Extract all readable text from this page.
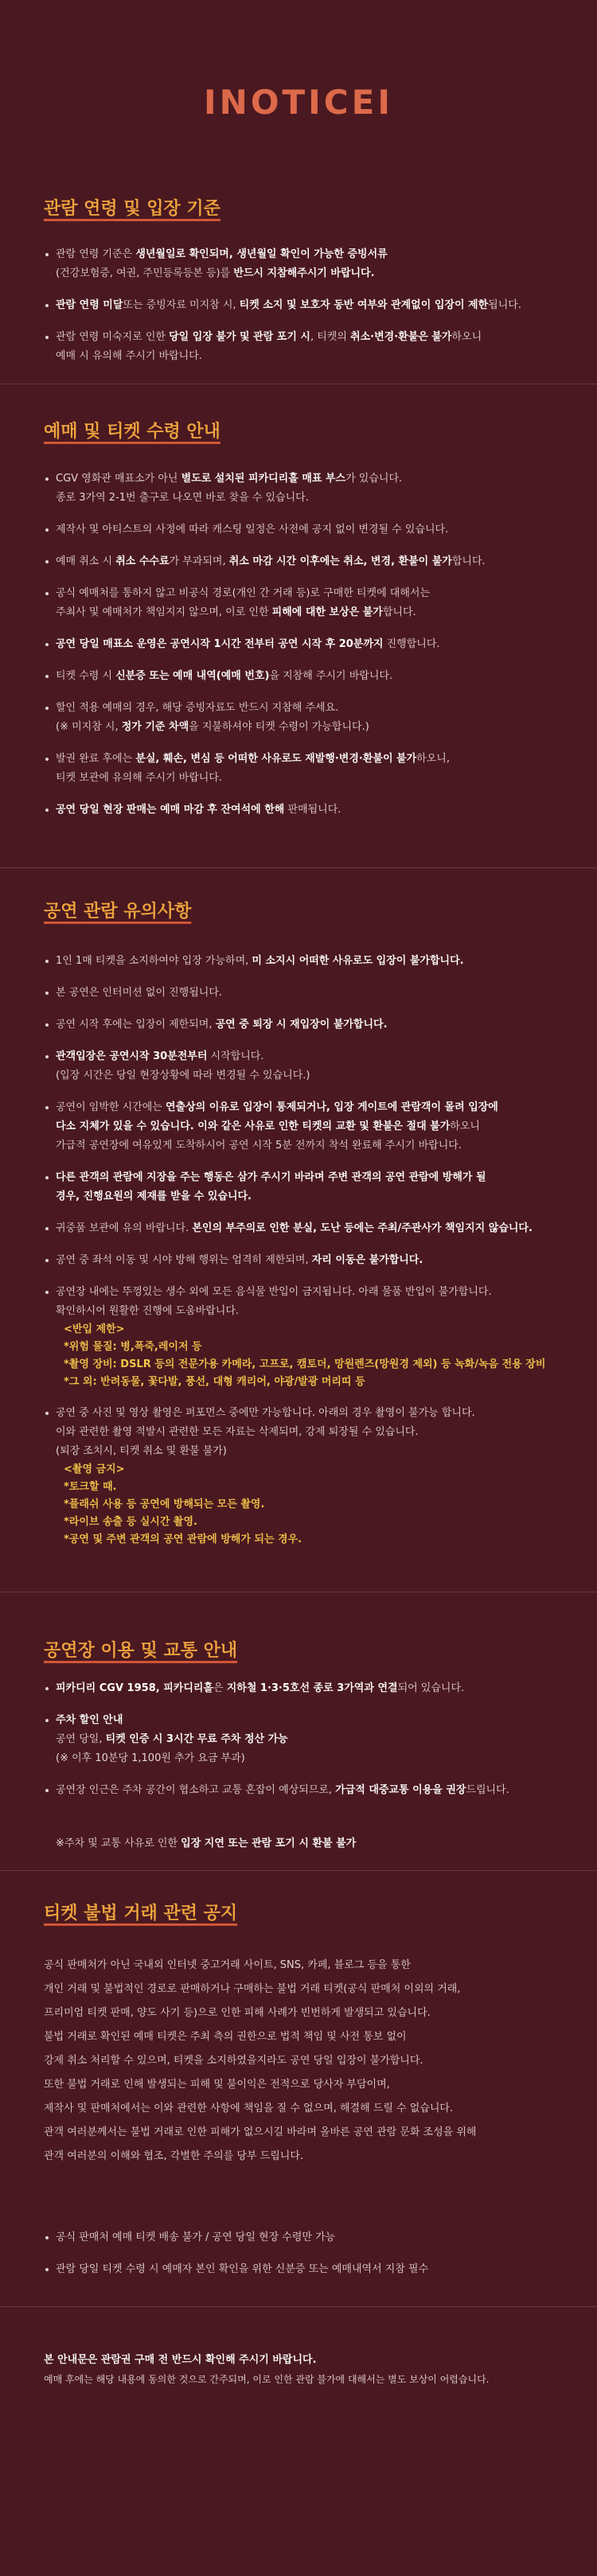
INOTICEI
관람 연령 및 입장 기준
관람 연령 기준은 생년월일로 확인되며, 생년월일 확인이 가능한 증빙서류
(건강보험증, 여권, 주민등록등본 등)를 반드시 지참해주시기 바랍니다.
관람 연령 미달또는 증빙자료 미지참 시, 티켓 소지 및 보호자 동반 여부와 관계없이 입장이 제한됩니다.
관람 연령 미숙지로 인한 당일 입장 불가 및 관람 포기 시, 티켓의 취소·변경·환불은 불가하오니
예매 시 유의해 주시기 바랍니다.
예매 및 티켓 수령 안내
CGV 영화관 매표소가 아닌 별도로 설치된 피카디리홀 매표 부스가 있습니다.
종로 3가역 2-1번 출구로 나오면 바로 찾을 수 있습니다.
제작사 및 아티스트의 사정에 따라 캐스팅 일정은 사전에 공지 없이 변경될 수 있습니다.
예매 취소 시 취소 수수료가 부과되며, 취소 마감 시간 이후에는 취소, 변경, 환불이 불가합니다.
공식 예매처를 통하지 않고 비공식 경로(개인 간 거래 등)로 구매한 티켓에 대해서는
주최사 및 예매처가 책임지지 않으며, 이로 인한 피해에 대한 보상은 불가합니다.
공연 당일 매표소 운영은 공연시작 1시간 전부터 공연 시작 후 20분까지 진행합니다.
티켓 수령 시 신분증 또는 예매 내역(예매 번호)을 지참해 주시기 바랍니다.
할인 적용 예매의 경우, 해당 증빙자료도 반드시 지참해 주세요.
(※ 미지참 시, 정가 기준 차액을 지불하셔야 티켓 수령이 가능합니다.)
발권 완료 후에는 분실, 훼손, 변심 등 어떠한 사유로도 재발행·변경·환불이 불가하오니,
티켓 보관에 유의해 주시기 바랍니다.
공연 당일 현장 판매는 예매 마감 후 잔여석에 한해 판매됩니다.
공연 관람 유의사항
1인 1매 티켓을 소지하여야 입장 가능하며, 미 소지시 어떠한 사유로도 입장이 불가합니다.
본 공연은 인터미션 없이 진행됩니다.
공연 시작 후에는 입장이 제한되며, 공연 중 퇴장 시 재입장이 불가합니다.
관객입장은 공연시작 30분전부터 시작합니다.
(입장 시간은 당일 현장상황에 따라 변경될 수 있습니다.)
공연이 임박한 시간에는 연출상의 이유로 입장이 통제되거나, 입장 게이트에 관람객이 몰려 입장에
다소 지체가 있을 수 있습니다. 이와 같은 사유로 인한 티켓의 교환 및 환불은 절대 불가하오니
가급적 공연장에 여유있게 도착하시어 공연 시작 5분 전까지 착석 완료해 주시기 바랍니다.
다른 관객의 관람에 지장을 주는 행동은 삼가 주시기 바라며 주변 관객의 공연 관람에 방해가 될
경우, 진행요원의 제재를 받을 수 있습니다.
귀중품 보관에 유의 바랍니다. 본인의 부주의로 인한 분실, 도난 등에는 주최/주관사가 책임지지 않습니다.
공연 중 좌석 이동 및 시야 방해 행위는 엄격히 제한되며, 자리 이동은 불가합니다.
공연장 내에는 뚜껑있는 생수 외에 모든 음식물 반입이 금지됩니다. 아래 물품 반입이 불가합니다.
확인하시어 원활한 진행에 도움바랍니다.
<반입 제한>
*위험 물질: 병,폭죽,레이저 등
*촬영 장비: DSLR 등의 전문가용 카메라, 고프로, 캠토더, 망원렌즈(망원경 제외) 등 녹화/녹음 전용 장비
*그 외: 반려동물, 꽃다발, 풍선, 대형 캐리어, 야광/발광 머리띠 등
공연 중 사진 및 영상 촬영은 퍼포먼스 중에만 가능합니다. 아래의 경우 촬영이 불가능 합니다.
이와 관련한 촬영 적발시 관련한 모든 자료는 삭제되며, 강제 퇴장될 수 있습니다.
(퇴장 조치시, 티켓 취소 및 환불 불가)
<촬영 금지>
*토크할 때.
*플래쉬 사용 등 공연에 방해되는 모든 촬영.
*라이브 송출 등 실시간 촬영.
*공연 및 주변 관객의 공연 관람에 방해가 되는 경우.
공연장 이용 및 교통 안내
피카디리 CGV 1958, 피카디리홀은 지하철 1·3·5호선 종로 3가역과 연결되어 있습니다.
주차 할인 안내
공연 당일, 티켓 인증 시 3시간 무료 주차 정산 가능
(※ 이후 10분당 1,100원 추가 요금 부과)
공연장 인근은 주차 공간이 협소하고 교통 혼잡이 예상되므로, 가급적 대중교통 이용을 권장드립니다.
※주차 및 교통 사유로 인한 입장 지연 또는 관람 포기 시 환불 불가
티켓 불법 거래 관련 공지
공식 판매처가 아닌 국내외 인터넷 중고거래 사이트, SNS, 카페, 블로그 등을 통한
개인 거래 및 불법적인 경로로 판매하거나 구매하는 불법 거래 티켓(공식 판매처 이외의 거래,
프리미엄 티켓 판매, 양도 사기 등)으로 인한 피해 사례가 빈번하게 발생되고 있습니다.
불법 거래로 확인된 예매 티켓은 주최 측의 권한으로 법적 책임 및 사전 통보 없이
강제 취소 처리할 수 있으며, 티켓을 소지하였을지라도 공연 당일 입장이 불가합니다.
또한 불법 거래로 인해 발생되는 피해 및 불이익은 전적으로 당사자 부담이며,
제작사 및 판매처에서는 이와 관련한 사항에 책임을 질 수 없으며, 해결해 드릴 수 없습니다.
관객 여러분께서는 불법 거래로 인한 피해가 없으시길 바라며 올바른 공연 관람 문화 조성을 위해
관객 여러분의 이해와 협조, 각별한 주의를 당부 드립니다.
공식 판매처 예매 티켓 배송 불가 / 공연 당일 현장 수령만 가능
관람 당일 티켓 수령 시 예매자 본인 확인을 위한 신분증 또는 예매내역서 지참 필수
본 안내문은 관람권 구매 전 반드시 확인해 주시기 바랍니다.
예매 후에는 해당 내용에 동의한 것으로 간주되며, 이로 인한 관람 불가에 대해서는 별도 보상이 어렵습니다.
